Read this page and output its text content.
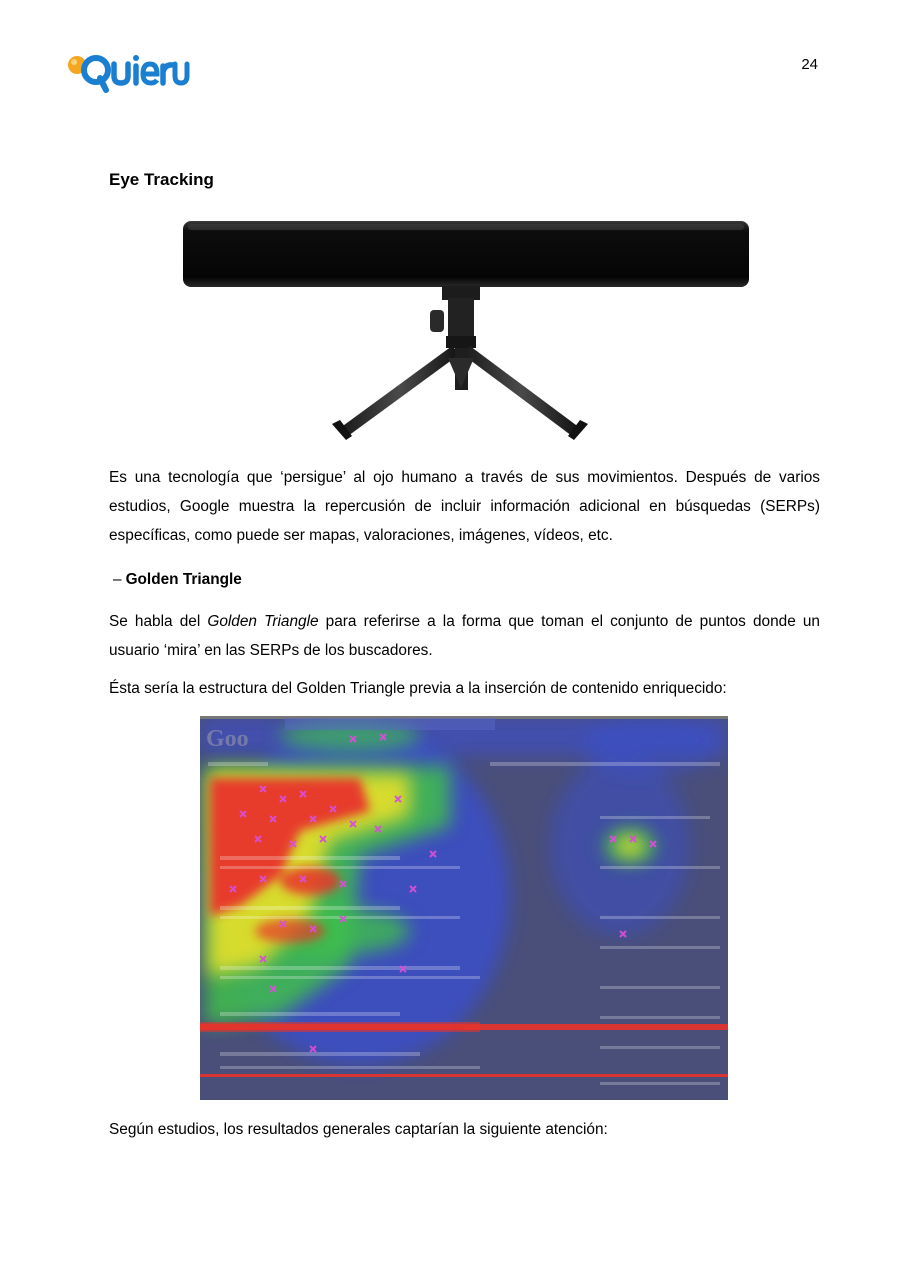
24
Eye Tracking

Es una tecnología que ‘persigue’ al ojo humano a través de sus movimientos. Después de varios estudios, Google muestra la repercusión de incluir información adicional en búsquedas (SERPs) específicas, como puede ser mapas, valoraciones, imágenes, vídeos, etc.

– Golden Triangle

Se habla del Golden Triangle para referirse a la forma que toman el conjunto de puntos donde un usuario ‘mira’ en las SERPs de los buscadores.

Ésta sería la estructura del Golden Triangle previa a la inserción de contenido enriquecido:

Goo

Según estudios, los resultados generales captarían la siguiente atención:
